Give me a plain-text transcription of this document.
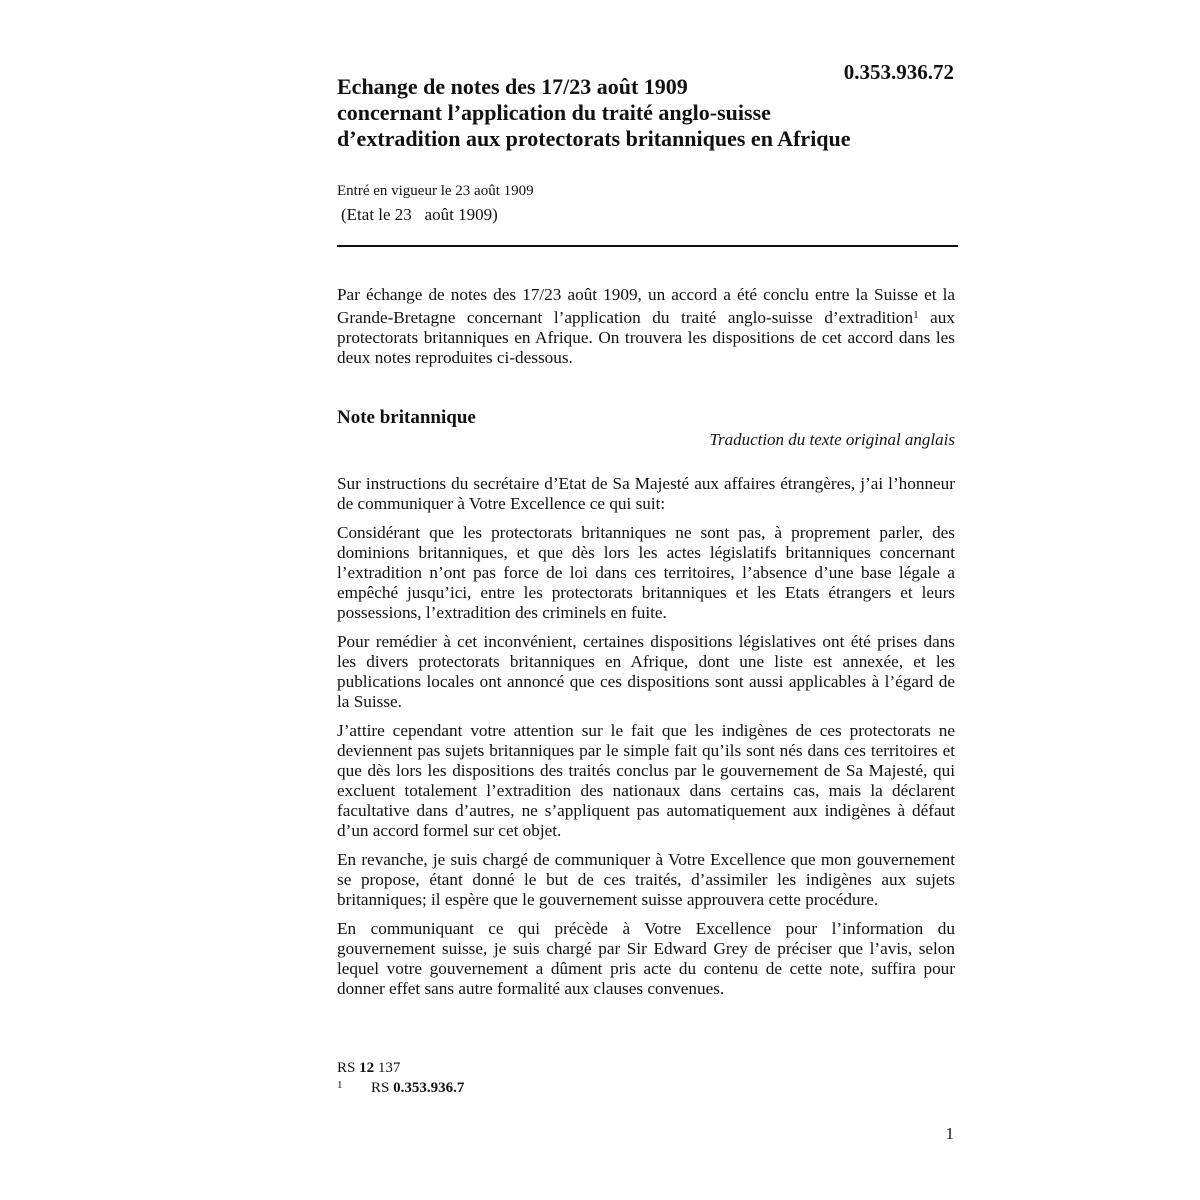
0.353.936.72
Echange de notes des 17/23 août 1909
concernant l’application du traité anglo-suisse
d’extradition aux protectorats britanniques en Afrique
Entré en vigueur le 23 août 1909
(Etat le 23   août 1909)
Par échange de notes des 17/23 août 1909, un accord a été conclu entre la Suisse et la Grande-Bretagne concernant l’application du traité anglo-suisse d’extradition$^1$ aux protectorats britanniques en Afrique. On trouvera les dispositions de cet accord dans les deux notes reproduites ci-dessous.
Note britannique
Traduction du texte original anglais

Sur instructions du secrétaire d’Etat de Sa Majesté aux affaires étrangères, j’ai l’honneur de communiquer à Votre Excellence ce qui suit:

Considérant que les protectorats britanniques ne sont pas, à proprement parler, des dominions britanniques, et que dès lors les actes législatifs britanniques concernant l’extradition n’ont pas force de loi dans ces territoires, l’absence d’une base légale a empêché jusqu’ici, entre les protectorats britanniques et les Etats étrangers et leurs possessions, l’extradition des criminels en fuite.

Pour remédier à cet inconvénient, certaines dispositions législatives ont été prises dans les divers protectorats britanniques en Afrique, dont une liste est annexée, et les publications locales ont annoncé que ces dispositions sont aussi applicables à l’égard de la Suisse.

J’attire cependant votre attention sur le fait que les indigènes de ces protectorats ne deviennent pas sujets britanniques par le simple fait qu’ils sont nés dans ces territoires et que dès lors les dispositions des traités conclus par le gouvernement de Sa Majesté, qui excluent totalement l’extradition des nationaux dans certains cas, mais la déclarent facultative dans d’autres, ne s’appliquent pas automatiquement aux indigènes à défaut d’un accord formel sur cet objet.

En revanche, je suis chargé de communiquer à Votre Excellence que mon gouvernement se propose, étant donné le but de ces traités, d’assimiler les indigènes aux sujets britanniques; il espère que le gouvernement suisse approuvera cette procédure.

En communiquant ce qui précède à Votre Excellence pour l’information du gouvernement suisse, je suis chargé par Sir Edward Grey de préciser que l’avis, selon lequel votre gouvernement a dûment pris acte du contenu de cette note, suffira pour donner effet sans autre formalité aux clauses convenues.

RS 12 137
1	RS 0.353.936.7
1
